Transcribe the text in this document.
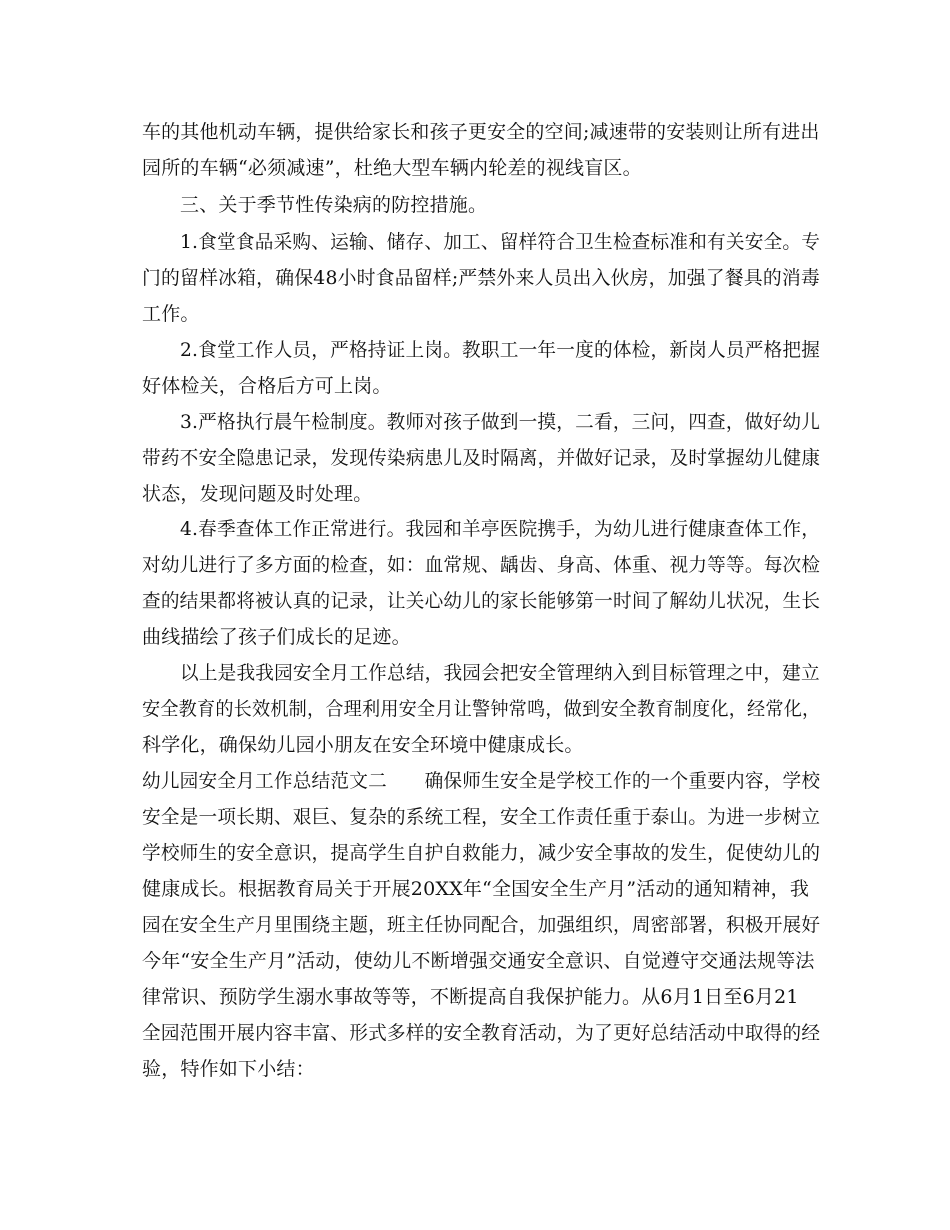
车的其他机动车辆，提供给家长和孩子更安全的空间;减速带的安装则让所有进出
园所的车辆“必须减速”，杜绝大型车辆内轮差的视线盲区。
三、关于季节性传染病的防控措施。
1.食堂食品采购、运输、储存、加工、留样符合卫生检查标准和有关安全。专
门的留样冰箱，确保48小时食品留样;严禁外来人员出入伙房，加强了餐具的消毒
工作。
2.食堂工作人员，严格持证上岗。教职工一年一度的体检，新岗人员严格把握
好体检关，合格后方可上岗。
3.严格执行晨午检制度。教师对孩子做到一摸，二看，三问，四查，做好幼儿
带药不安全隐患记录，发现传染病患儿及时隔离，并做好记录，及时掌握幼儿健康
状态，发现问题及时处理。
4.春季查体工作正常进行。我园和羊亭医院携手，为幼儿进行健康查体工作，
对幼儿进行了多方面的检查，如：血常规、龋齿、身高、体重、视力等等。每次检
查的结果都将被认真的记录，让关心幼儿的家长能够第一时间了解幼儿状况，生长
曲线描绘了孩子们成长的足迹。
以上是我我园安全月工作总结，我园会把安全管理纳入到目标管理之中，建立
安全教育的长效机制，合理利用安全月让警钟常鸣，做到安全教育制度化，经常化，
科学化，确保幼儿园小朋友在安全环境中健康成长。
幼儿园安全月工作总结范文二　　确保师生安全是学校工作的一个重要内容，学校
安全是一项长期、艰巨、复杂的系统工程，安全工作责任重于泰山。为进一步树立
学校师生的安全意识，提高学生自护自救能力，减少安全事故的发生，促使幼儿的
健康成长。根据教育局关于开展20XX年“全国安全生产月”活动的通知精神，我
园在安全生产月里围绕主题，班主任协同配合，加强组织，周密部署，积极开展好
今年“安全生产月”活动，使幼儿不断增强交通安全意识、自觉遵守交通法规等法
律常识、预防学生溺水事故等等，不断提高自我保护能力。从6月1日至6月21
全园范围开展内容丰富、形式多样的安全教育活动，为了更好总结活动中取得的经
验，特作如下小结：
